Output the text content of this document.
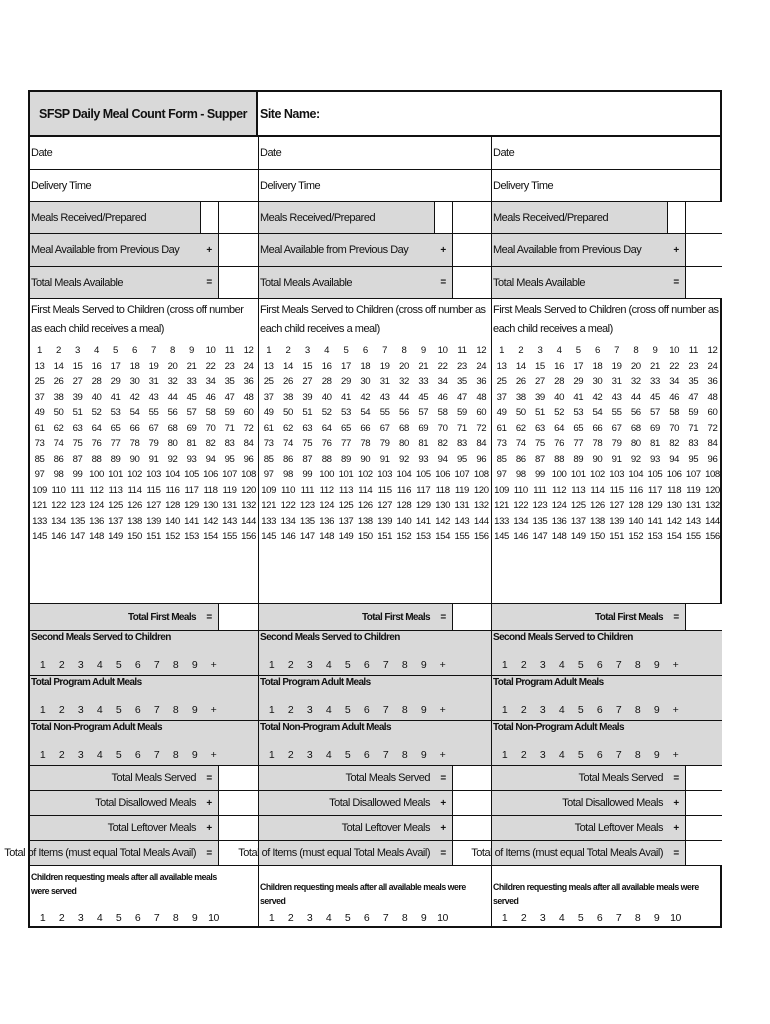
SFSP Daily Meal Count Form - Supper	Site Name:
Date
Delivery Time
Meals Received/Prepared
Meal Available from Previous Day	+
Total Meals Available	=
First Meals Served to Children (cross off number as each child receives a meal)
1	2	3	4	5	6	7	8	9	10 11 12
13 14 15 16 17 18 19 20 21 22 23 24
25 26 27 28 29 30 31 32 33 34 35 36
37 38 39 40 41 42 43 44 45 46 47 48
49 50 51 52 53 54 55 56 57 58 59 60
61 62 63 64 65 66 67 68 69 70 71 72
73 74 75 76 77 78 79 80 81 82 83 84
85 86 87 88 89 90 91 92 93 94 95 96
97 98 99 100 101 102 103 104 105 106 107 108
109 110 111 112 113 114 115 116 117 118 119 120
121 122 123 124 125 126 127 128 129 130 131 132
133 134 135 136 137 138 139 140 141 142 143 144
145 146 147 148 149 150 151 152 153 154 155 156
Total First Meals	=
Second Meals Served to Children
1	2	3	4	5	6	7	8	9	+
Total Program Adult Meals
1	2	3	4	5	6	7	8	9	+
Total Non-Program Adult Meals
1	2	3	4	5	6	7	8	9	+
Total Meals Served	=
Total Disallowed Meals	+
Total Leftover Meals	+
Total of Items (must equal Total Meals Avail)	=
Children requesting meals after all available meals were served
1	2	3	4	5	6	7	8	9	10
Date
Delivery Time
Meals Received/Prepared
Meal Available from Previous Day	+
Total Meals Available	=
First Meals Served to Children (cross off number as each child receives a meal)
1	2	3	4	5	6	7	8	9	10	11	12
13 14 15 16 17 18 19 20 21 22 23 24
25 26 27 28 29 30 31 32 33 34 35 36
37 38 39 40 41 42 43 44 45 46 47 48
49 50 51 52 53 54 55 56 57 58 59 60
61 62 63 64 65 66 67 68 69 70 71 72
73 74 75 76 77 78 79 80 81 82 83 84
85 86 87 88 89 90 91 92 93 94 95 96
97 98 99 100 101 102 103 104 105 106 107 108
109 110 111 112 113 114 115 116 117 118 119 120
121 122 123 124 125 126 127 128 129 130 131 132
133 134 135 136 137 138 139 140 141 142 143 144
145 146 147 148 149 150 151 152 153 154 155 156
Total First Meals	=
Second Meals Served to Children
1	2	3	4	5	6	7	8	9	+
Total Program Adult Meals
1	2	3	4	5	6	7	8	9	+
Total Non-Program Adult Meals
1	2	3	4	5	6	7	8	9	+
Total Meals Served	=
Total Disallowed Meals	+
Total Leftover Meals	+
Total of Items (must equal Total Meals Avail)	=
Children requesting meals after all available meals were served
1	2	3	4	5	6	7	8	9	10
Date
Delivery Time
Meals Received/Prepared
Meal Available from Previous Day	+
Total Meals Available	=
First Meals Served to Children (cross off number as each child receives a meal)
1	2	3	4	5	6	7	8	9	10	11	12
13 14 15 16 17 18 19 20 21 22 23 24
25 26 27 28 29 30 31 32 33 34 35 36
37 38 39 40 41 42 43 44 45 46 47 48
49 50 51 52 53 54 55 56 57 58 59 60
61 62 63 64 65 66 67 68 69 70 71 72
73 74 75 76 77 78 79 80 81 82 83 84
85 86 87 88 89 90 91 92 93 94 95 96
97 98 99 100 101 102 103 104 105 106 107 108
109 110 111 112 113 114 115 116 117 118 119 120
121 122 123 124 125 126 127 128 129 130 131 132
133 134 135 136 137 138 139 140 141 142 143 144
145 146 147 148 149 150 151 152 153 154 155 156
Total First Meals	=
Second Meals Served to Children
1	2	3	4	5	6	7	8	9	+
Total Program Adult Meals
1	2	3	4	5	6	7	8	9	+
Total Non-Program Adult Meals
1	2	3	4	5	6	7	8	9	+
Total Meals Served	=
Total Disallowed Meals	+
Total Leftover Meals	+
Total of Items (must equal Total Meals Avail)	=
Children requesting meals after all available meals were served
1	2	3	4	5	6	7	8	9	10
